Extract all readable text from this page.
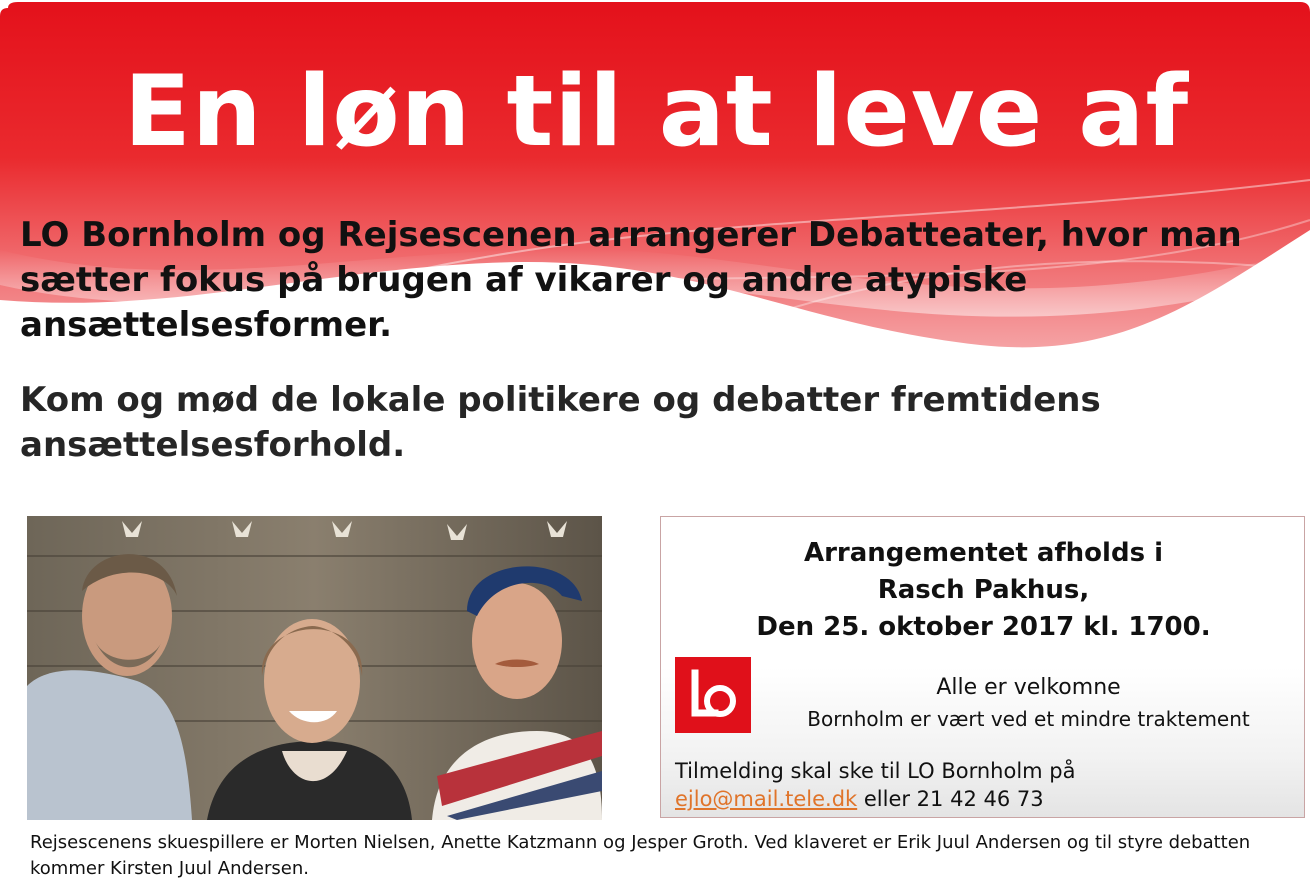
En løn til at leve af

LO Bornholm og Rejsescenen arrangerer Debatteater, hvor man sætter fokus på brugen af vikarer og andre atypiske ansættelsesformer.

Kom og mød de lokale politikere og debatter fremtidens ansættelsesforhold.

Rejsescenens skuespillere er Morten Nielsen, Anette Katzmann og Jesper Groth. Ved klaveret er Erik Juul Andersen og til styre debatten kommer Kirsten Juul Andersen.

Arrangementet afholds i
Rasch Pakhus,
Den 25. oktober 2017 kl. 1700.
Alle er velkomne
Bornholm er vært ved et mindre traktement
Tilmelding skal ske til LO Bornholm på
ejlo@mail.tele.dk eller 21 42 46 73
